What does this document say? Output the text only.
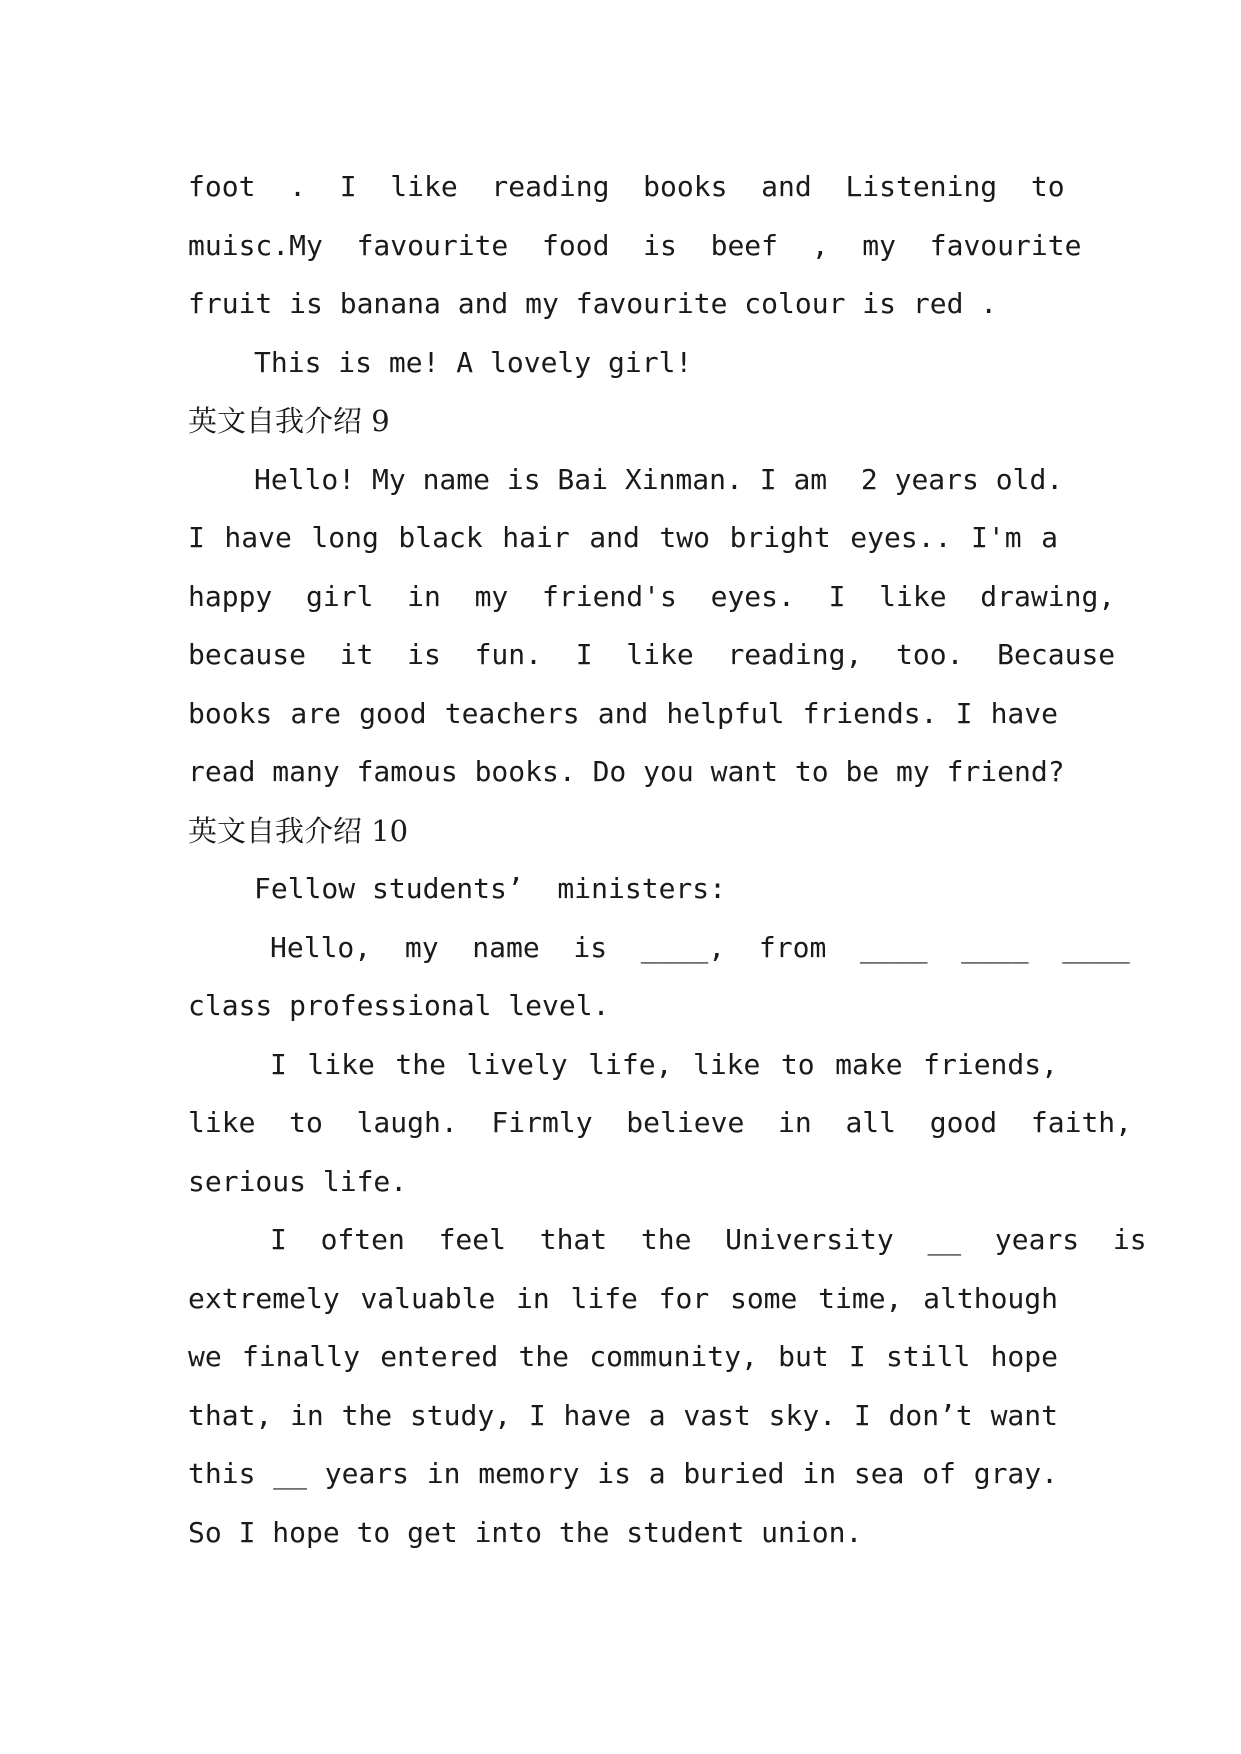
foot  .  I  like  reading  books  and  Listening  to
muisc.My  favourite  food  is  beef  ,  my  favourite
fruit is banana and my favourite colour is red .
This is me! A lovely girl!
英文自我介绍 9
Hello! My name is Bai Xinman. I am  2 years old.
I have long black hair and two bright eyes.. I'm a
happy  girl  in  my  friend's  eyes.  I  like  drawing,
because  it  is  fun.  I  like  reading,  too.  Because
books are good teachers and helpful friends. I have
read many famous books. Do you want to be my friend?
英文自我介绍 10
Fellow students’  ministers:
Hello,  my  name  is  ____,  from  ____  ____  ____
class professional level.
I like the lively life, like to make friends,
like  to  laugh.  Firmly  believe  in  all  good  faith,
serious life.
I  often  feel  that  the  University  __  years  is
extremely valuable in life for some time, although
we finally entered the community, but I still hope
that, in the study, I have a vast sky. I don’t want
this __ years in memory is a buried in sea of gray.
So I hope to get into the student union.
